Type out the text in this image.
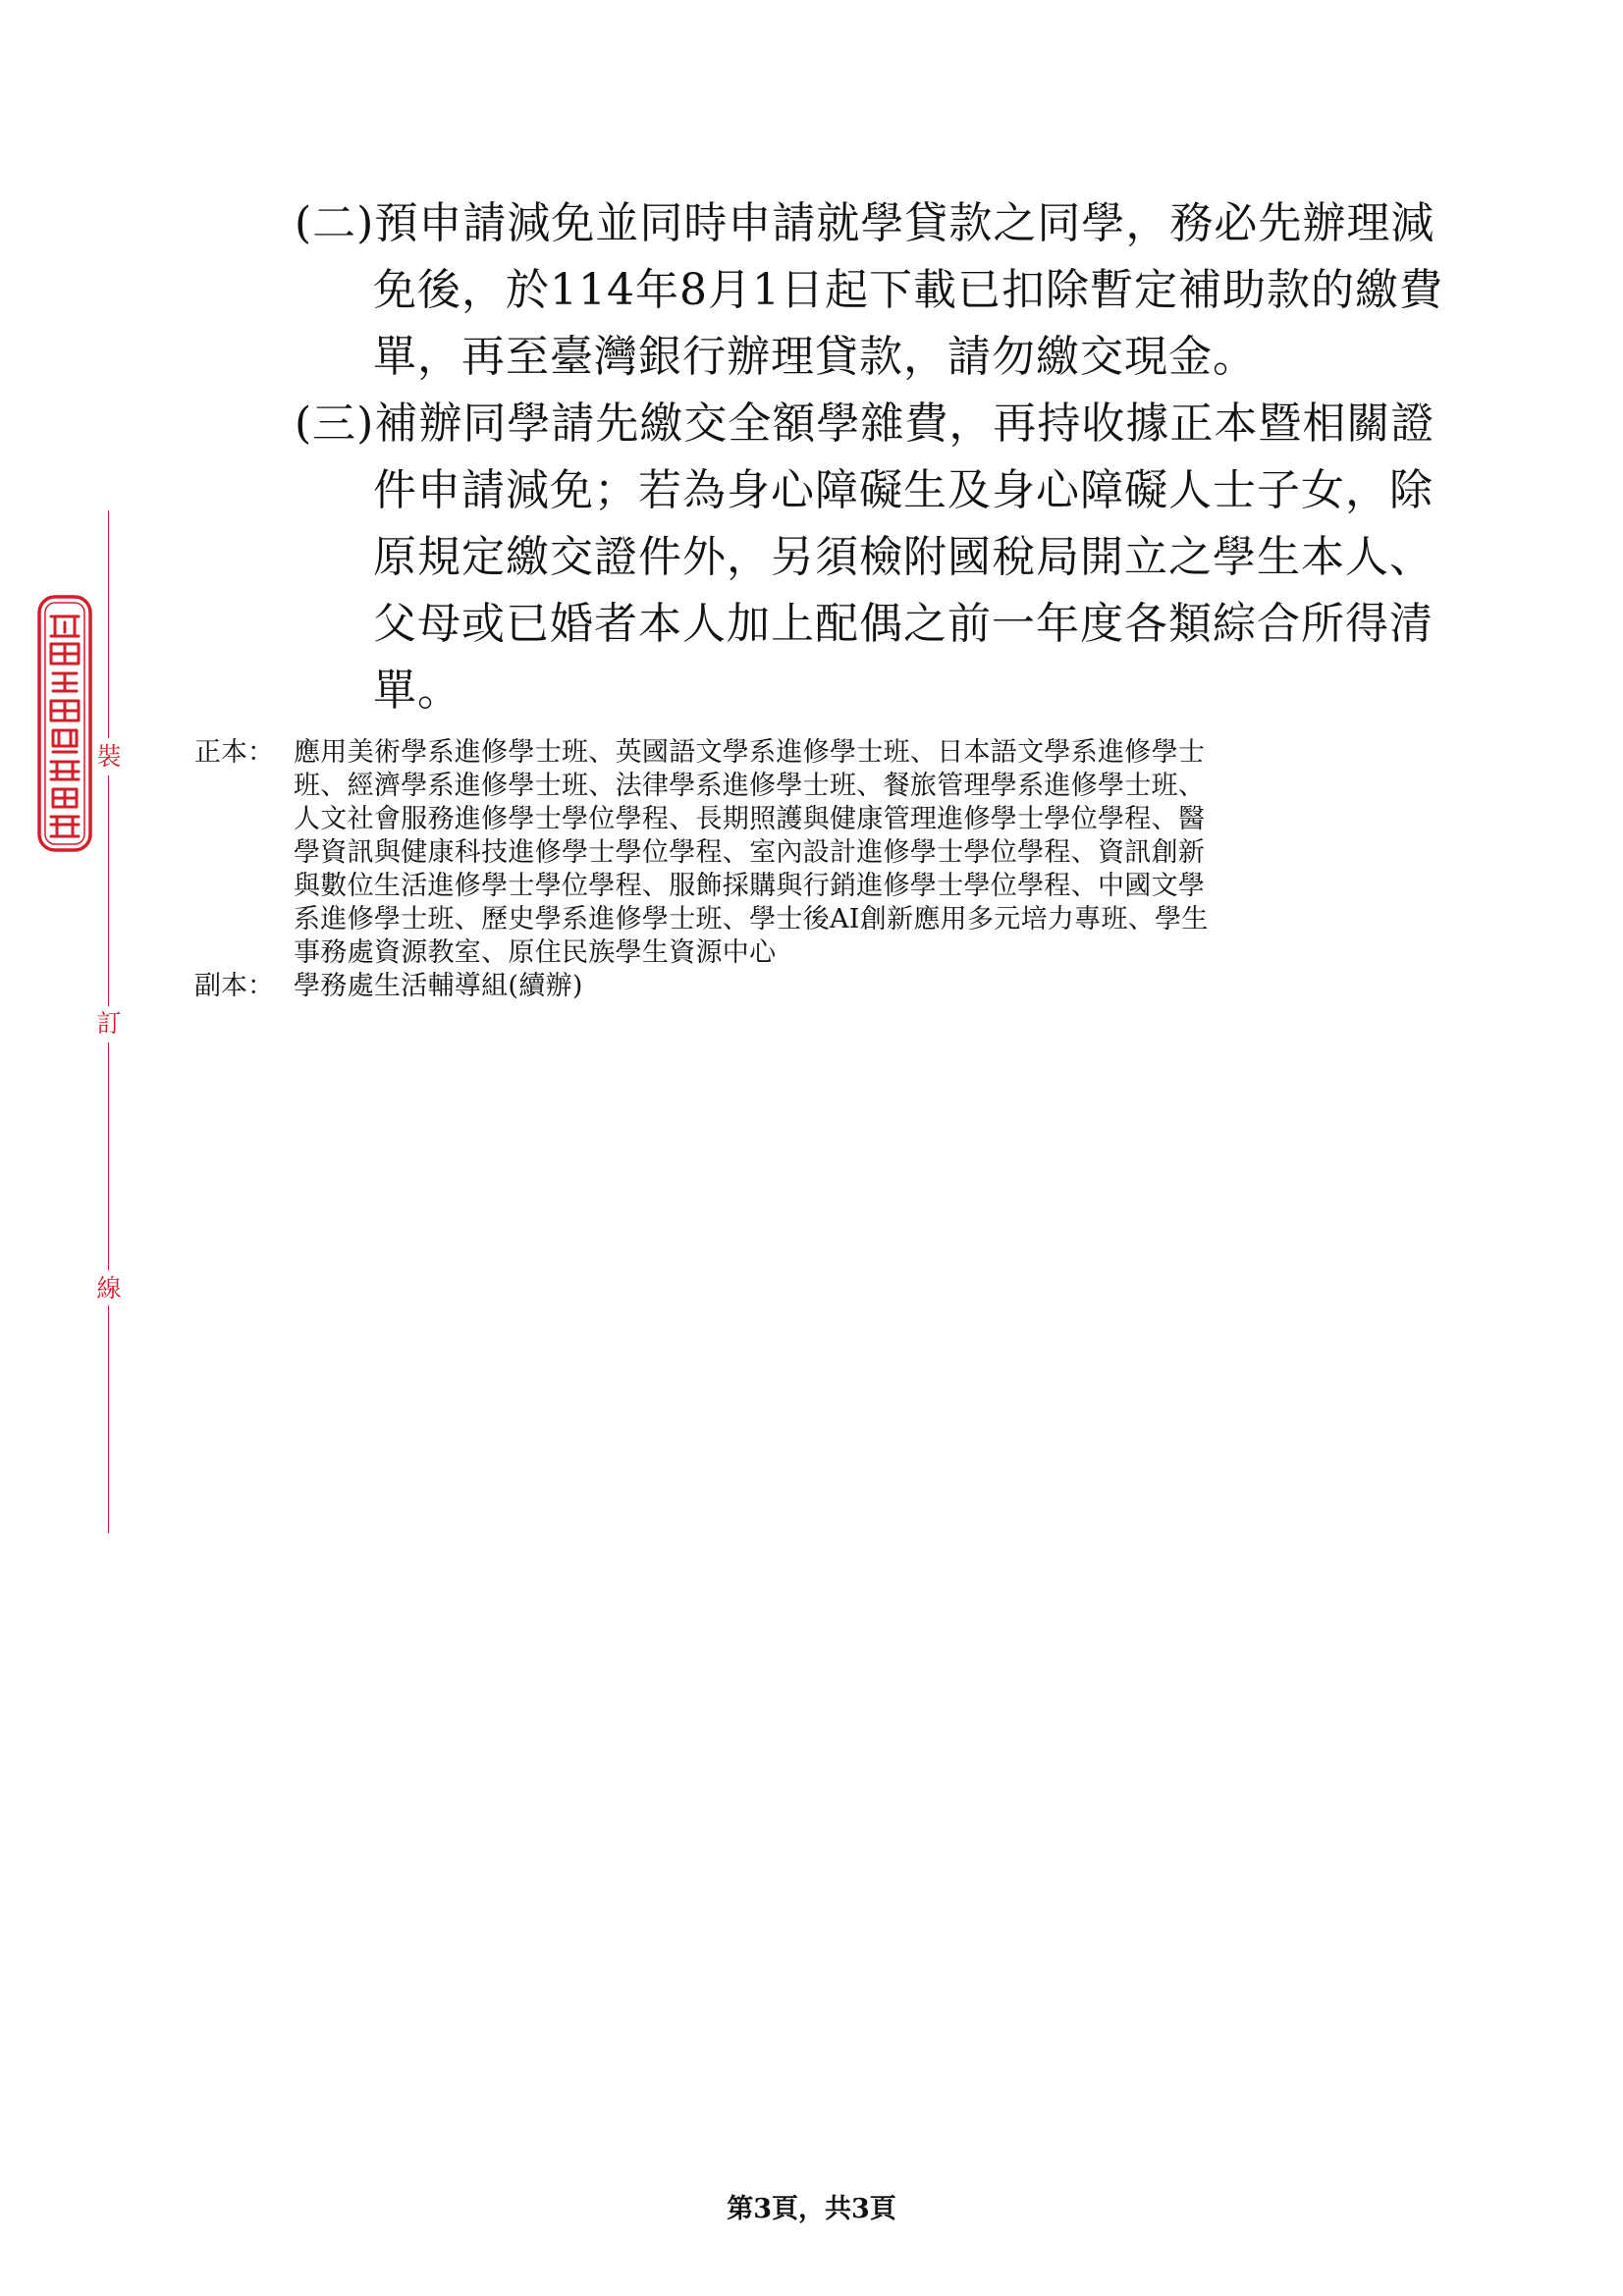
裝
訂
線
(二)預申請減免並同時申請就學貸款之同學，務必先辦理減
免後，於114年8月1日起下載已扣除暫定補助款的繳費
單，再至臺灣銀行辦理貸款，請勿繳交現金。
(三)補辦同學請先繳交全額學雜費，再持收據正本暨相關證
件申請減免；若為身心障礙生及身心障礙人士子女，除
原規定繳交證件外，另須檢附國稅局開立之學生本人、
父母或已婚者本人加上配偶之前一年度各類綜合所得清
單。
正本： 應用美術學系進修學士班、英國語文學系進修學士班、日本語文學系進修學士
班、經濟學系進修學士班、法律學系進修學士班、餐旅管理學系進修學士班、
人文社會服務進修學士學位學程、長期照護與健康管理進修學士學位學程、醫
學資訊與健康科技進修學士學位學程、室內設計進修學士學位學程、資訊創新
與數位生活進修學士學位學程、服飾採購與行銷進修學士學位學程、中國文學
系進修學士班、歷史學系進修學士班、學士後AI創新應用多元培力專班、學生
事務處資源教室、原住民族學生資源中心
副本： 學務處生活輔導組(續辦)
第3頁，共3頁
